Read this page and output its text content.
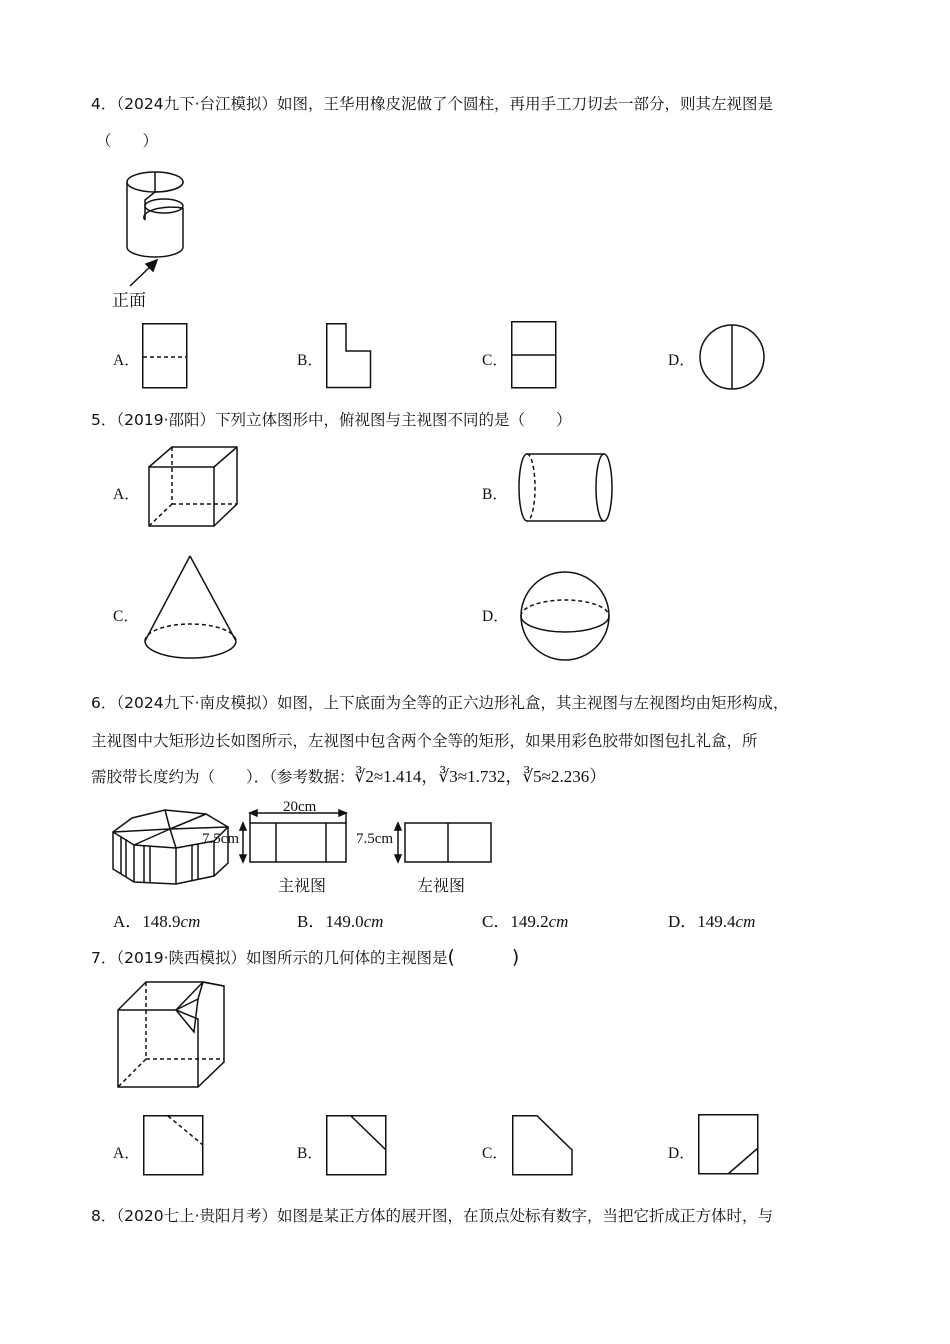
4．（2024九下·台江模拟）如图，王华用橡皮泥做了个圆柱，再用手工刀切去一部分，则其左视图是
（　　）
正面
A．	B．	C．	D．
5．（2019·邵阳）下列立体图形中，俯视图与主视图不同的是（　　）
A．	B．
C．	D．
6．（2024九下·南皮模拟）如图，上下底面为全等的正六边形礼盒，其主视图与左视图均由矩形构成，
主视图中大矩形边长如图所示，左视图中包含两个全等的矩形，如果用彩色胶带如图包扎礼盒，所
需胶带长度约为（　　）．（参考数据：∛2≈1.414，∛3≈1.732，∛5≈2.236）
7.5cm
20cm
主视图
7.5cm
左视图
A．148.9cm	B．149.0cm	C．149.2cm	D．149.4cm
7．（2019·陕西模拟）如图所示的几何体的主视图是(　　　)
A．	B．	C．	D．
8．（2020七上·贵阳月考）如图是某正方体的展开图，在顶点处标有数字，当把它折成正方体时，与
